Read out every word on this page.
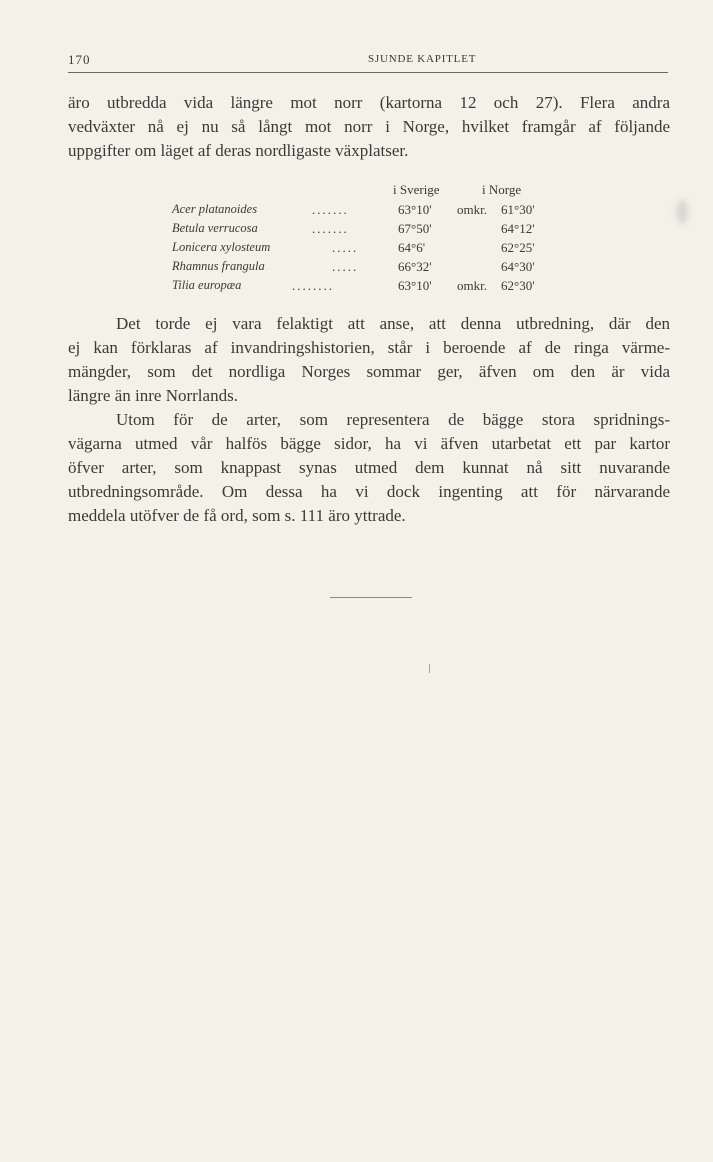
170	SJUNDE KAPITLET
äro utbredda vida längre mot norr (kartorna 12 och 27). Flera andra
vedväxter nå ej nu så långt mot norr i Norge, hvilket framgår af följande
uppgifter om läget af deras nordligaste växplatser.
i Sverige	i Norge
Acer platanoides	.......	63°10' omkr. 61°30'
Betula verrucosa	.......	67°50'	64°12'
Lonicera xylosteum	.....	64°6'	62°25'
Rhamnus frangula	.....	66°32'	64°30'
Tilia europæa	........	63°10' omkr. 62°30'
Det torde ej vara felaktigt att anse, att denna utbredning, där den
ej kan förklaras af invandringshistorien, står i beroende af de ringa värme-
mängder, som det nordliga Norges sommar ger, äfven om den är vida
längre än inre Norrlands.
Utom för de arter, som representera de bägge stora spridnings-
vägarna utmed vår halfös bägge sidor, ha vi äfven utarbetat ett par kartor
öfver arter, som knappast synas utmed dem kunnat nå sitt nuvarande
utbredningsområde. Om dessa ha vi dock ingenting att för närvarande
meddela utöfver de få ord, som s. 111 äro yttrade.
